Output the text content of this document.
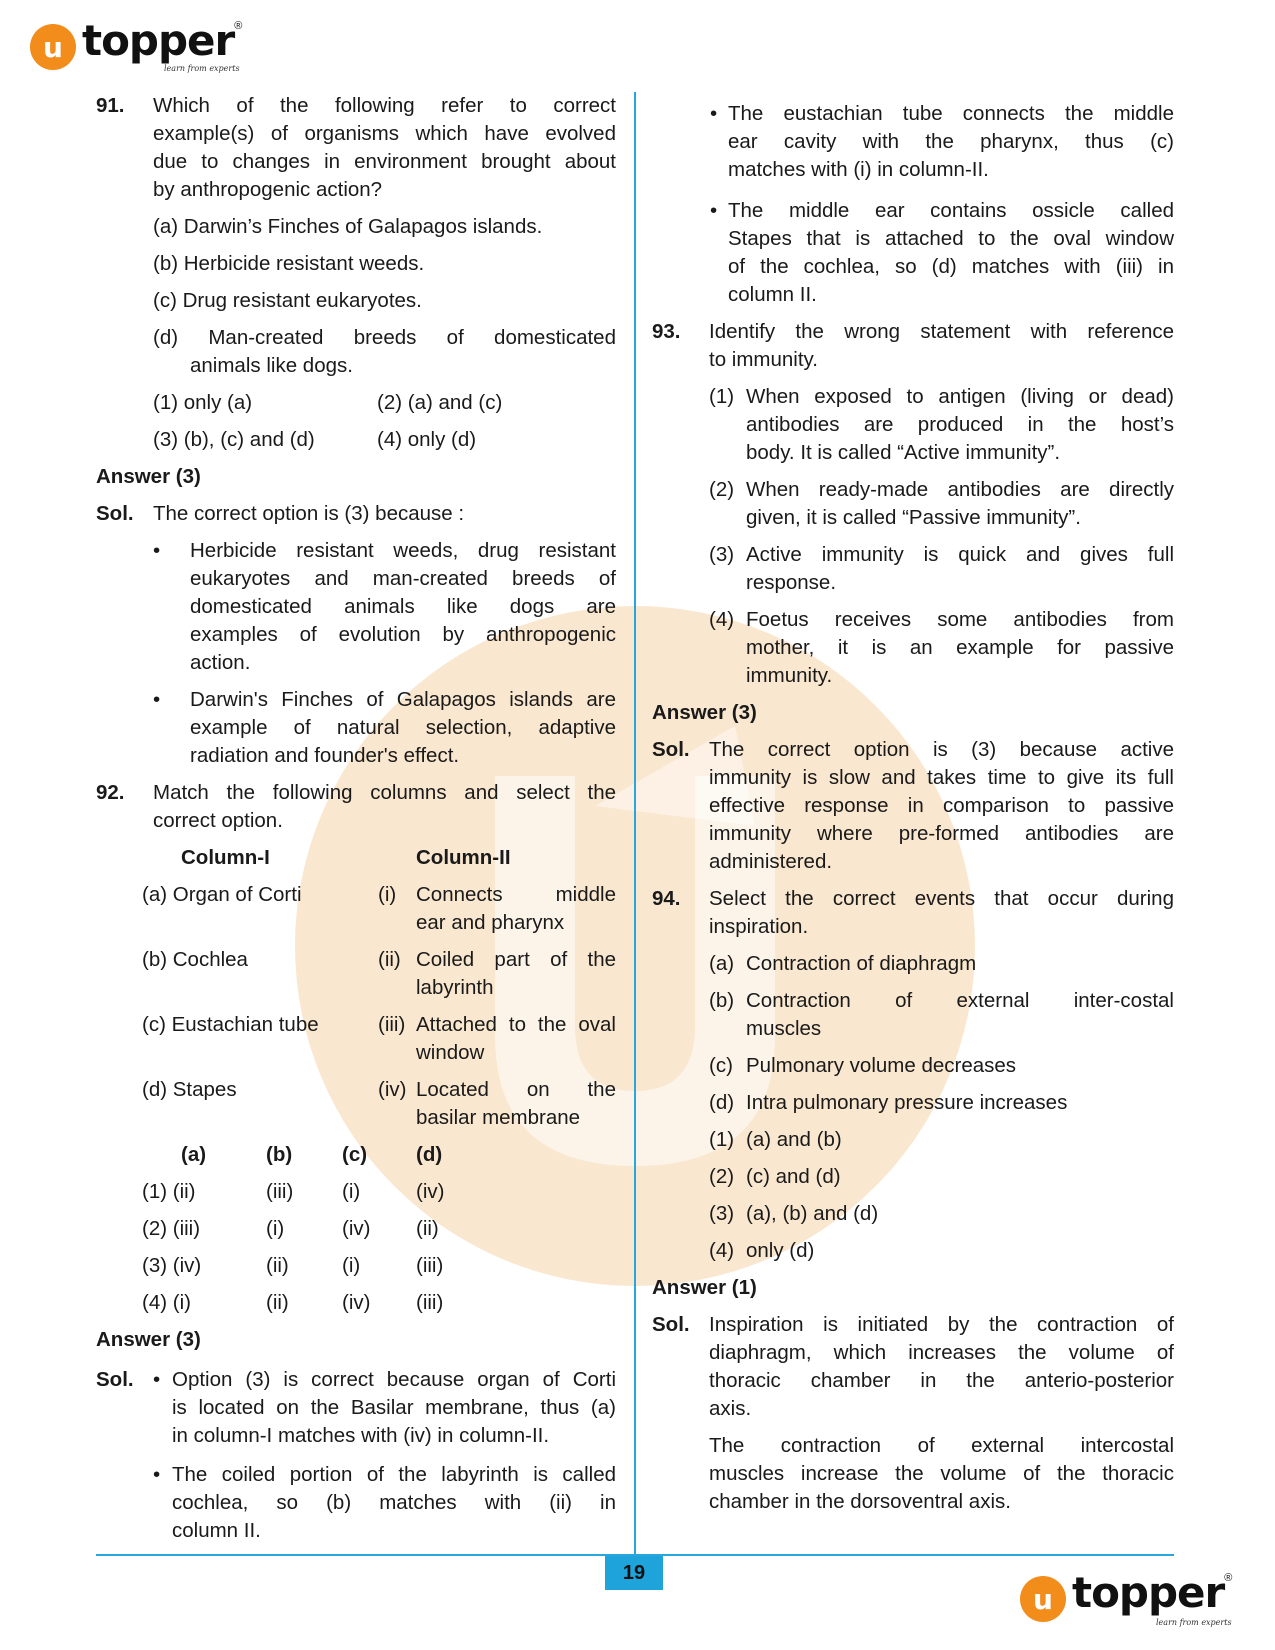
u topper ®
learn from experts
91. Which of the following refer to correct
example(s) of organisms which have evolved
due to changes in environment brought about
by anthropogenic action?
(a) Darwin’s Finches of Galapagos islands.
(b) Herbicide resistant weeds.
(c) Drug resistant eukaryotes.
(d) Man-created breeds of domesticated
animals like dogs.
(1) only (a)	(2) (a) and (c)
(3) (b), (c) and (d)	(4) only (d)
Answer (3)
Sol. The correct option is (3) because :
• Herbicide resistant weeds, drug resistant
eukaryotes and man-created breeds of
domesticated animals like dogs are
examples of evolution by anthropogenic
action.
• Darwin's Finches of Galapagos islands are
example of natural selection, adaptive
radiation and founder's effect.
92. Match the following columns and select the
correct option.
Column-I	Column-II
(a) Organ of Corti	(i) Connects middle
ear and pharynx
(b) Cochlea	(ii) Coiled part of the
labyrinth
(c) Eustachian tube	(iii) Attached to the oval
window
(d) Stapes	(iv) Located on the
basilar membrane
(a)	(b) (c) (d)
(1) (ii)	(iii) (i)	(iv)
(2) (iii)	(i)	(iv) (ii)
(3) (iv)	(ii)	(i)	(iii)
(4) (i)	(ii)	(iv) (iii)
Answer (3)
Sol. • Option (3) is correct because organ of Corti
is located on the Basilar membrane, thus (a)
in column-I matches with (iv) in column-II.
• The coiled portion of the labyrinth is called
cochlea, so (b) matches with (ii) in
column II.
• The eustachian tube connects the middle
ear cavity with the pharynx, thus (c)
matches with (i) in column-II.
• The middle ear contains ossicle called
Stapes that is attached to the oval window
of the cochlea, so (d) matches with (iii) in
column II.
93. Identify the wrong statement with reference
to immunity.
(1) When exposed to antigen (living or dead)
antibodies are produced in the host’s
body. It is called “Active immunity”.
(2) When ready-made antibodies are directly
given, it is called “Passive immunity”.
(3) Active immunity is quick and gives full
response.
(4) Foetus receives some antibodies from
mother, it is an example for passive
immunity.
Answer (3)
Sol. The correct option is (3) because active
immunity is slow and takes time to give its full
effective response in comparison to passive
immunity where pre-formed antibodies are
administered.
94. Select the correct events that occur during
inspiration.
(a) Contraction of diaphragm
(b) Contraction of external inter-costal
muscles
(c) Pulmonary volume decreases
(d) Intra pulmonary pressure increases
(1) (a) and (b)
(2) (c) and (d)
(3) (a), (b) and (d)
(4) only (d)
Answer (1)
Sol. Inspiration is initiated by the contraction of
diaphragm, which increases the volume of
thoracic chamber in the anterio-posterior
axis.
The contraction of external intercostal
muscles increase the volume of the thoracic
chamber in the dorsoventral axis.
19
u topper ®
learn from experts
